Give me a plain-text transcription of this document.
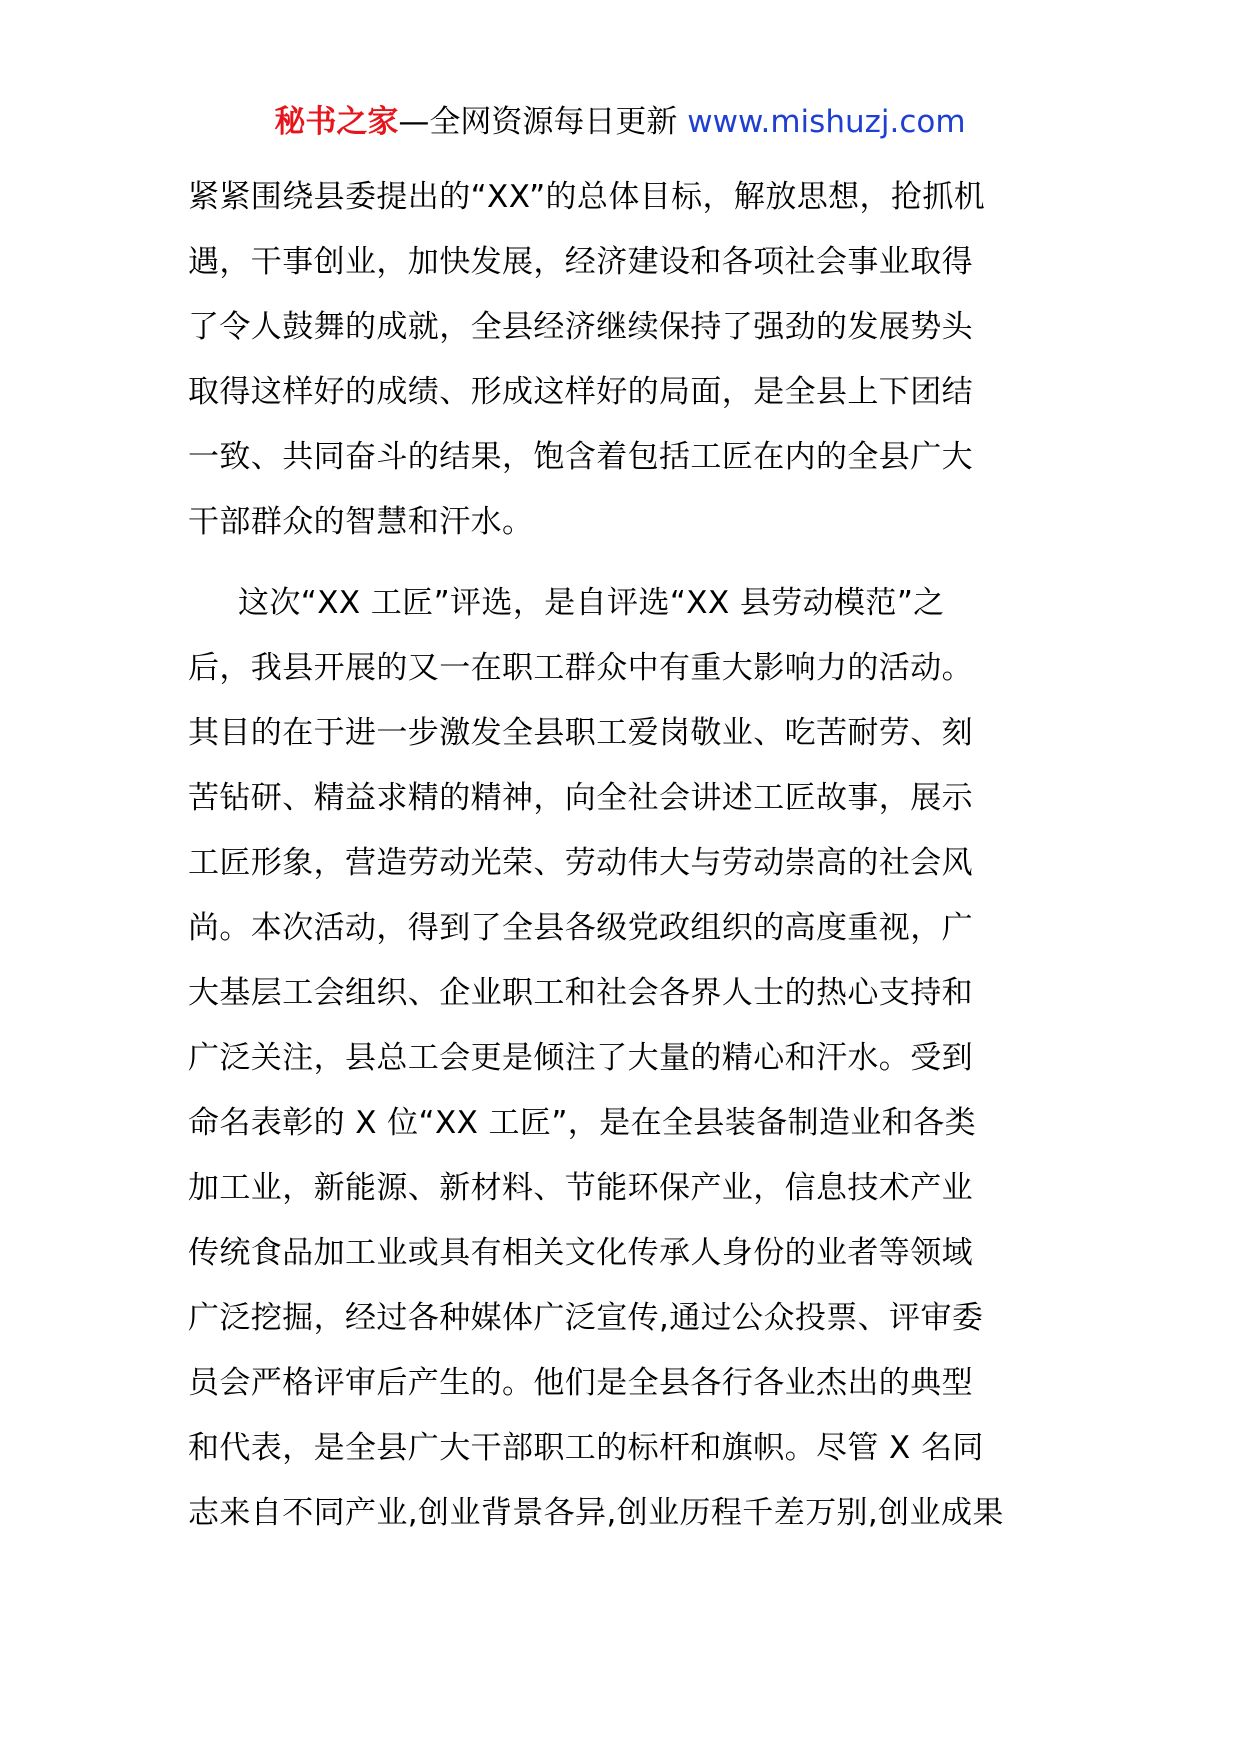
秘书之家—全网资源每日更新 www.mishuzj.com
紧紧围绕县委提出的“XX”的总体目标，解放思想，抢抓机
遇，干事创业，加快发展，经济建设和各项社会事业取得
了令人鼓舞的成就，全县经济继续保持了强劲的发展势头
取得这样好的成绩、形成这样好的局面，是全县上下团结
一致、共同奋斗的结果，饱含着包括工匠在内的全县广大
干部群众的智慧和汗水。
这次“XX 工匠”评选，是自评选“XX 县劳动模范”之
后，我县开展的又一在职工群众中有重大影响力的活动。
其目的在于进一步激发全县职工爱岗敬业、吃苦耐劳、刻
苦钻研、精益求精的精神，向全社会讲述工匠故事，展示
工匠形象，营造劳动光荣、劳动伟大与劳动崇高的社会风
尚。本次活动，得到了全县各级党政组织的高度重视，广
大基层工会组织、企业职工和社会各界人士的热心支持和
广泛关注，县总工会更是倾注了大量的精心和汗水。受到
命名表彰的 X 位“XX 工匠”，是在全县装备制造业和各类
加工业，新能源、新材料、节能环保产业，信息技术产业
传统食品加工业或具有相关文化传承人身份的业者等领域
广泛挖掘，经过各种媒体广泛宣传,通过公众投票、评审委
员会严格评审后产生的。他们是全县各行各业杰出的典型
和代表，是全县广大干部职工的标杆和旗帜。尽管 X 名同
志来自不同产业,创业背景各异,创业历程千差万别,创业成果
